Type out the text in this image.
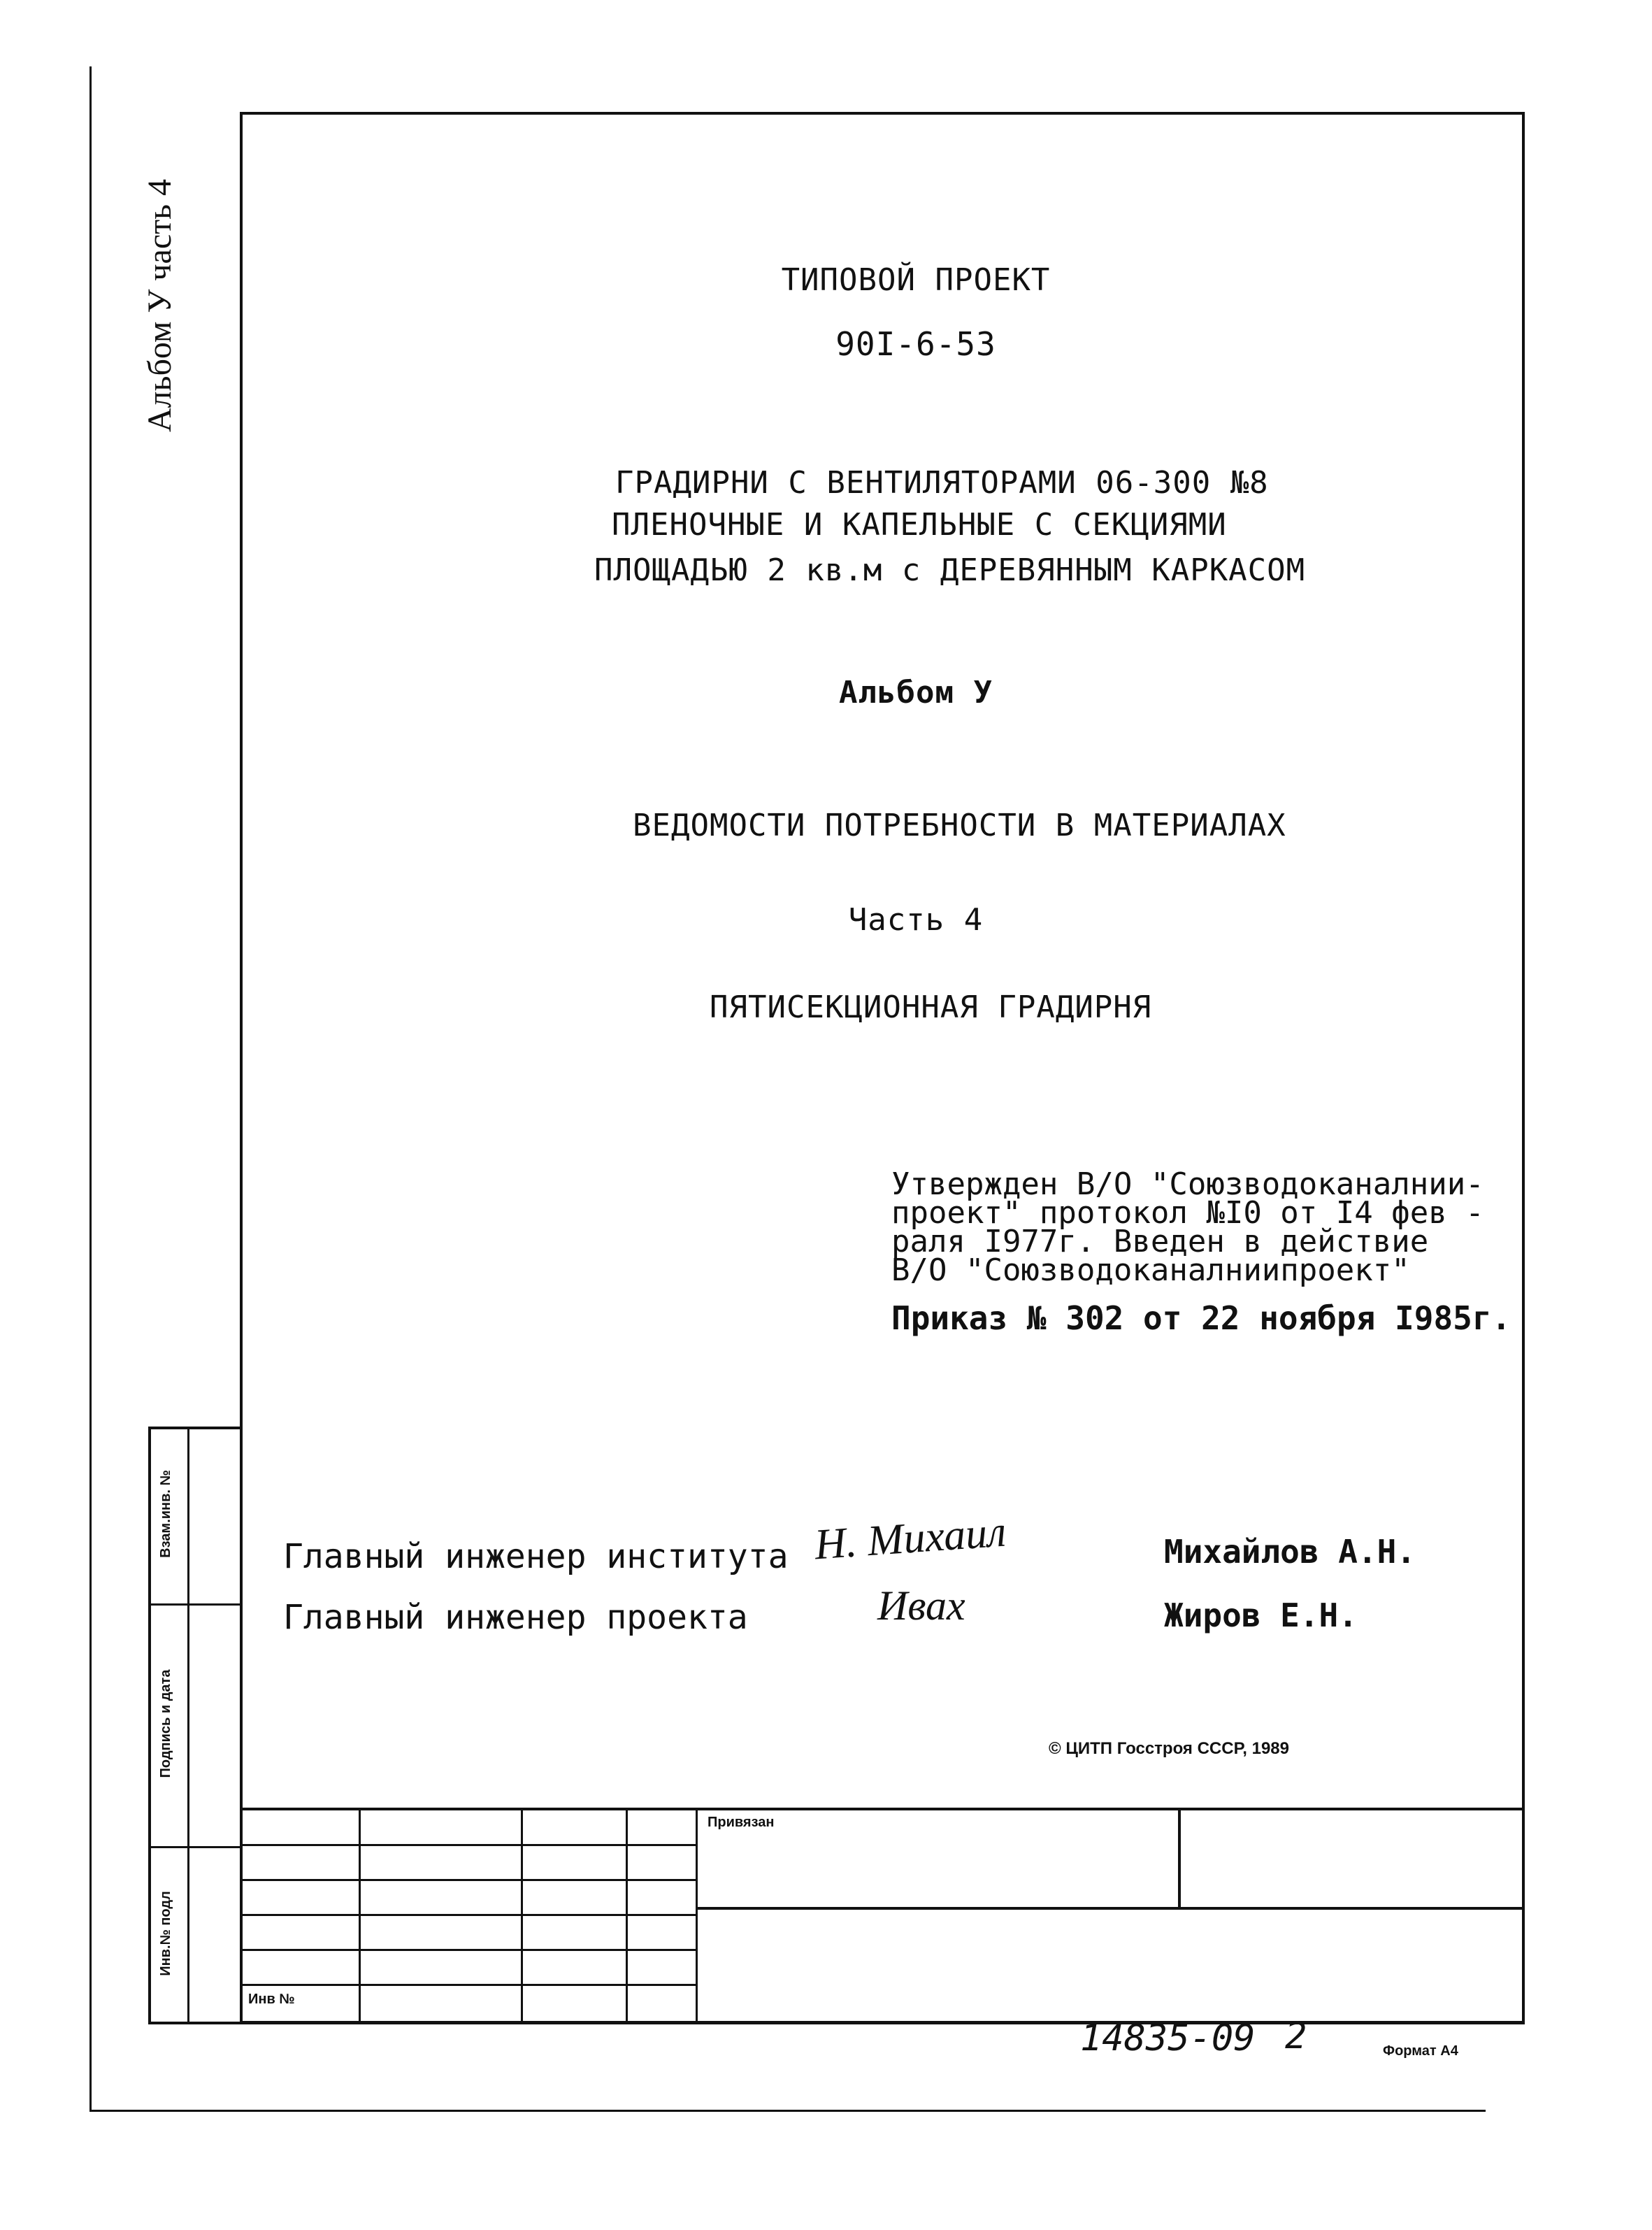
Альбом У часть 4	ТИПОВОЙ ПРОЕКТ
90I-6-53
ГРАДИРНИ С ВЕНТИЛЯТОРАМИ 06-300 №8
ПЛЕНОЧНЫЕ И КАПЕЛЬНЫЕ С СЕКЦИЯМИ
ПЛОЩАДЬЮ 2 кв.м с ДЕРЕВЯННЫМ КАРКАСОМ
Альбом У
ВЕДОМОСТИ ПОТРЕБНОСТИ В МАТЕРИАЛАХ
Часть 4
ПЯТИСЕКЦИОННАЯ ГРАДИРНЯ
Утвержден В/О "Союзводоканалнии-
проект" протокол №I0 от I4 фев -
раля I977г. Введен в действие
В/О "Союзводоканалниипроект"
Приказ № 302 от 22 ноября I985г.
Главный инженер института Н. Михаил	Михайлов А.Н.
Главный инженер проекта	Ивах	Жиров Е.Н.
© ЦИТП Госстроя СССР, 1989
Взам.инв. №
Подпись и дата
Инв.№ подл
Привязан
Инв №
14835-09 2	Формат А4
